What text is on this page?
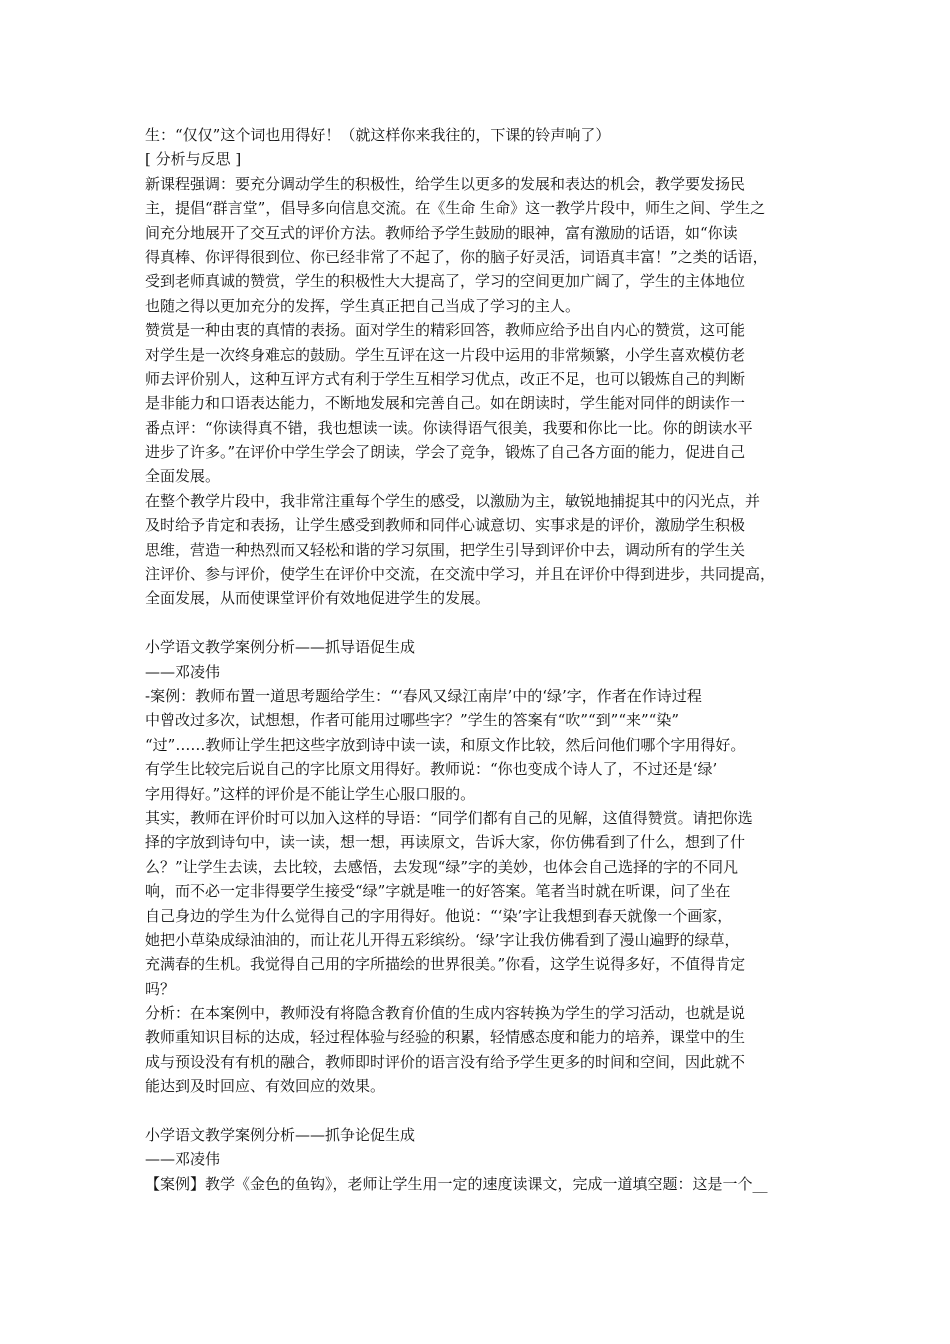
生：“仅仅”这个词也用得好！（就这样你来我往的，下课的铃声响了）
[ 分析与反思 ]
新课程强调：要充分调动学生的积极性，给学生以更多的发展和表达的机会，教学要发扬民
主，提倡“群言堂”，倡导多向信息交流。在《生命 生命》这一教学片段中，师生之间、学生之
间充分地展开了交互式的评价方法。教师给予学生鼓励的眼神，富有激励的话语，如“你读
得真棒、你评得很到位、你已经非常了不起了，你的脑子好灵活，词语真丰富！”之类的话语，
受到老师真诚的赞赏，学生的积极性大大提高了，学习的空间更加广阔了，学生的主体地位
也随之得以更加充分的发挥，学生真正把自己当成了学习的主人。
赞赏是一种由衷的真情的表扬。面对学生的精彩回答，教师应给予出自内心的赞赏，这可能
对学生是一次终身难忘的鼓励。学生互评在这一片段中运用的非常频繁，小学生喜欢模仿老
师去评价别人，这种互评方式有利于学生互相学习优点，改正不足，也可以锻炼自己的判断
是非能力和口语表达能力，不断地发展和完善自己。如在朗读时，学生能对同伴的朗读作一
番点评：“你读得真不错，我也想读一读。你读得语气很美，我要和你比一比。你的朗读水平
进步了许多。”在评价中学生学会了朗读，学会了竞争，锻炼了自己各方面的能力，促进自己
全面发展。
在整个教学片段中，我非常注重每个学生的感受，以激励为主，敏锐地捕捉其中的闪光点，并
及时给予肯定和表扬，让学生感受到教师和同伴心诚意切、实事求是的评价，激励学生积极
思维，营造一种热烈而又轻松和谐的学习氛围，把学生引导到评价中去，调动所有的学生关
注评价、参与评价，使学生在评价中交流，在交流中学习，并且在评价中得到进步，共同提高，
全面发展，从而使课堂评价有效地促进学生的发展。
小学语文教学案例分析——抓导语促生成
——邓凌伟
-案例：教师布置一道思考题给学生：“‘春风又绿江南岸’中的‘绿’字，作者在作诗过程
中曾改过多次，试想想，作者可能用过哪些字？”学生的答案有“吹”“到”“来”“染”
“过”……教师让学生把这些字放到诗中读一读，和原文作比较，然后问他们哪个字用得好。
有学生比较完后说自己的字比原文用得好。教师说：“你也变成个诗人了，不过还是‘绿’
字用得好。”这样的评价是不能让学生心服口服的。
其实，教师在评价时可以加入这样的导语：“同学们都有自己的见解，这值得赞赏。请把你选
择的字放到诗句中，读一读，想一想，再读原文，告诉大家，你仿佛看到了什么，想到了什
么？”让学生去读，去比较，去感悟，去发现“绿”字的美妙，也体会自己选择的字的不同凡
响，而不必一定非得要学生接受“绿”字就是唯一的好答案。笔者当时就在听课，问了坐在
自己身边的学生为什么觉得自己的字用得好。他说：“‘染’字让我想到春天就像一个画家，
她把小草染成绿油油的，而让花儿开得五彩缤纷。‘绿’字让我仿佛看到了漫山遍野的绿草，
充满春的生机。我觉得自己用的字所描绘的世界很美。”你看，这学生说得多好，不值得肯定
吗？
分析：在本案例中，教师没有将隐含教育价值的生成内容转换为学生的学习活动，也就是说
教师重知识目标的达成，轻过程体验与经验的积累，轻情感态度和能力的培养，课堂中的生
成与预设没有有机的融合，教师即时评价的语言没有给予学生更多的时间和空间，因此就不
能达到及时回应、有效回应的效果。
小学语文教学案例分析——抓争论促生成
——邓凌伟
【案例】教学《金色的鱼钩》，老师让学生用一定的速度读课文，完成一道填空题：这是一个__
